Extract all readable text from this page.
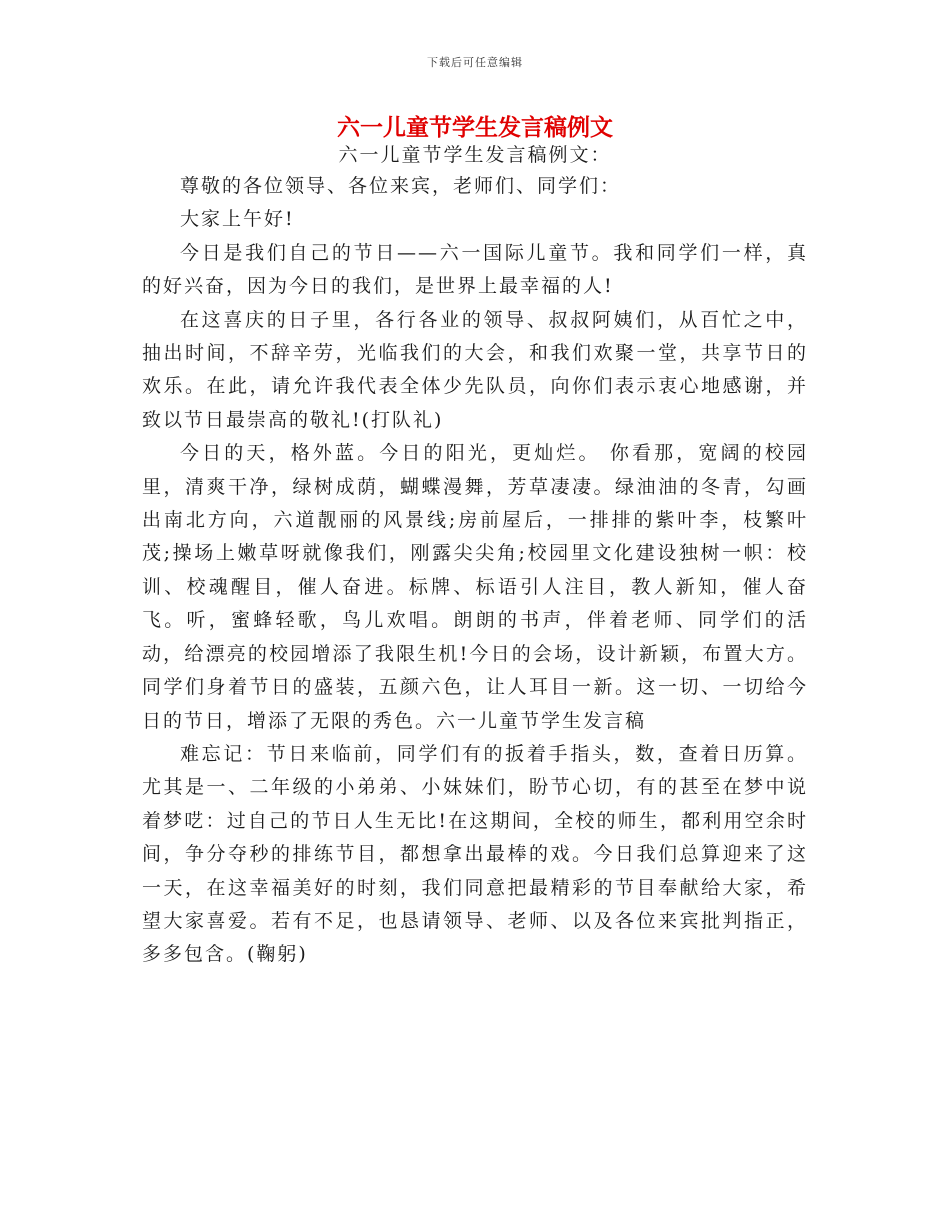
下载后可任意编辑
六一儿童节学生发言稿例文
六一儿童节学生发言稿例文：

尊敬的各位领导、各位来宾，老师们、同学们：

大家上午好!

今日是我们自己的节日——六一国际儿童节。我和同学们一样，真的好兴奋，因为今日的我们，是世界上最幸福的人!

在这喜庆的日子里，各行各业的领导、叔叔阿姨们，从百忙之中，抽出时间，不辞辛劳，光临我们的大会，和我们欢聚一堂，共享节日的欢乐。在此，请允许我代表全体少先队员，向你们表示衷心地感谢，并致以节日最崇高的敬礼!(打队礼)

今日的天，格外蓝。今日的阳光，更灿烂。 你看那，宽阔的校园里，清爽干净，绿树成荫，蝴蝶漫舞，芳草凄凄。绿油油的冬青，勾画出南北方向，六道靓丽的风景线;房前屋后，一排排的紫叶李，枝繁叶茂;操场上嫩草呀就像我们，刚露尖尖角;校园里文化建设独树一帜：校训、校魂醒目，催人奋进。标牌、标语引人注目，教人新知，催人奋飞。听，蜜蜂轻歌，鸟儿欢唱。朗朗的书声，伴着老师、同学们的活动，给漂亮的校园增添了我限生机!今日的会场，设计新颖，布置大方。同学们身着节日的盛装，五颜六色，让人耳目一新。这一切、一切给今日的节日，增添了无限的秀色。六一儿童节学生发言稿

难忘记：节日来临前，同学们有的扳着手指头，数，查着日历算。尤其是一、二年级的小弟弟、小妹妹们，盼节心切，有的甚至在梦中说着梦呓：过自己的节日人生无比!在这期间，全校的师生，都利用空余时间，争分夺秒的排练节目，都想拿出最棒的戏。今日我们总算迎来了这一天，在这幸福美好的时刻，我们同意把最精彩的节目奉献给大家，希望大家喜爱。若有不足，也恳请领导、老师、以及各位来宾批判指正，多多包含。(鞠躬)
